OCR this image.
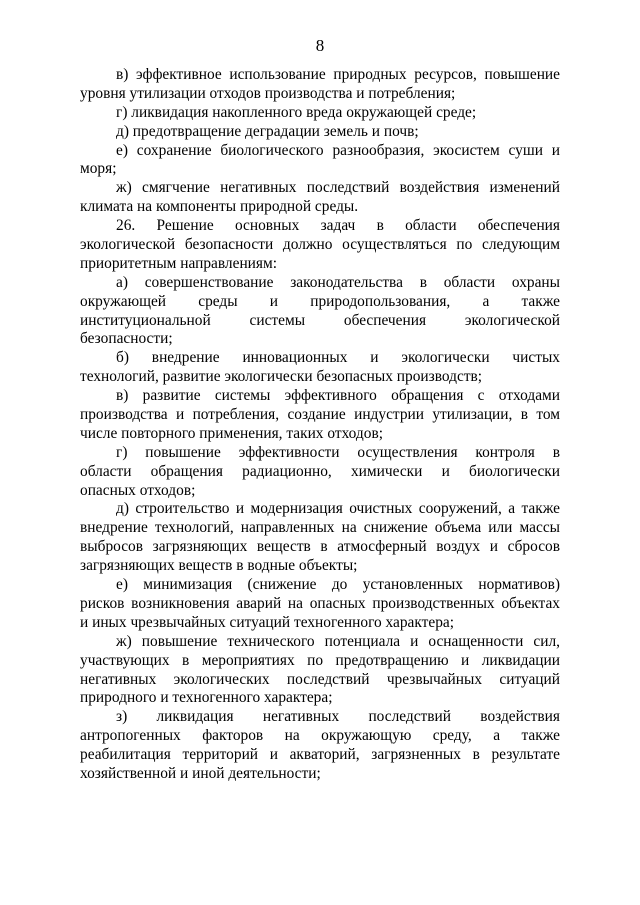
8
в) эффективное использование природных ресурсов, повышение
уровня утилизации отходов производства и потребления;
г) ликвидация накопленного вреда окружающей среде;
д) предотвращение деградации земель и почв;
е) сохранение биологического разнообразия, экосистем суши и
моря;
ж) смягчение негативных последствий воздействия изменений
климата на компоненты природной среды.
26. Решение основных задач в области обеспечения
экологической безопасности должно осуществляться по следующим
приоритетным направлениям:
а) совершенствование законодательства в области охраны
окружающей среды и природопользования, а также
институциональной системы обеспечения экологической
безопасности;
б) внедрение инновационных и экологически чистых
технологий, развитие экологически безопасных производств;
в) развитие системы эффективного обращения с отходами
производства и потребления, создание индустрии утилизации, в том
числе повторного применения, таких отходов;
г) повышение эффективности осуществления контроля в
области обращения радиационно, химически и биологически
опасных отходов;
д) строительство и модернизация очистных сооружений, а также
внедрение технологий, направленных на снижение объема или массы
выбросов загрязняющих веществ в атмосферный воздух и сбросов
загрязняющих веществ в водные объекты;
е) минимизация (снижение до установленных нормативов)
рисков возникновения аварий на опасных производственных объектах
и иных чрезвычайных ситуаций техногенного характера;
ж) повышение технического потенциала и оснащенности сил,
участвующих в мероприятиях по предотвращению и ликвидации
негативных экологических последствий чрезвычайных ситуаций
природного и техногенного характера;
з) ликвидация негативных последствий воздействия
антропогенных факторов на окружающую среду, а также
реабилитация территорий и акваторий, загрязненных в результате
хозяйственной и иной деятельности;
